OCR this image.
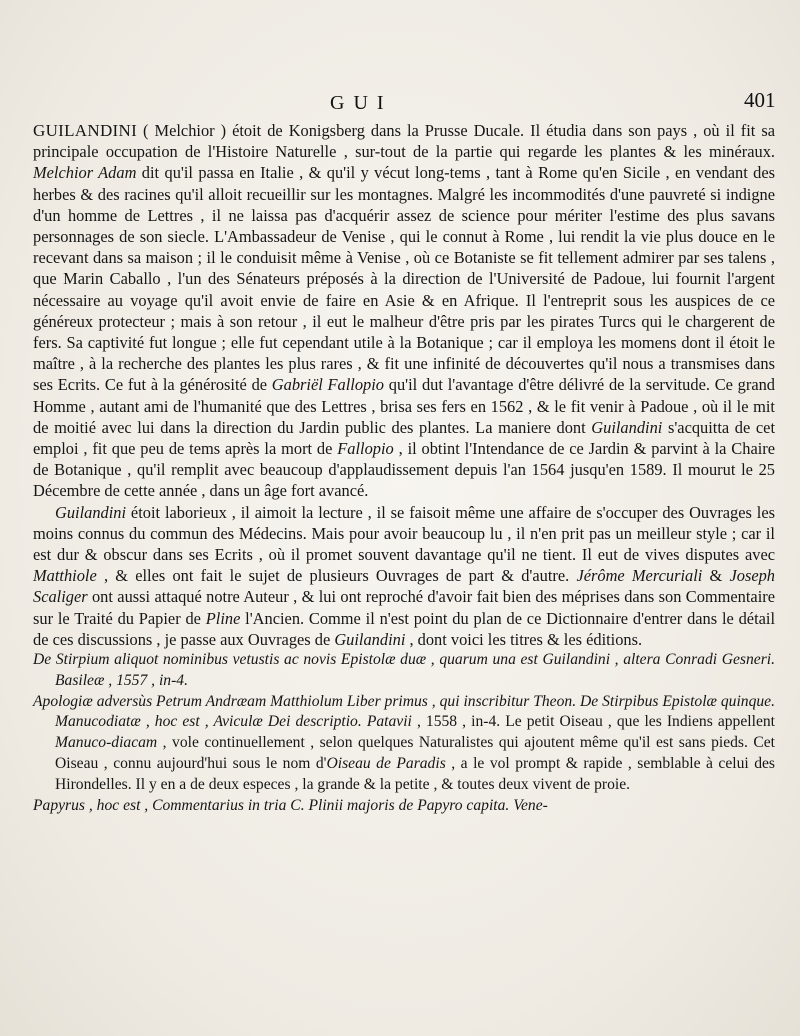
GUI	401

GUILANDINI ( Melchior ) étoit de Konigsberg dans la Prusse Ducale. Il étudia dans son pays , où il fit sa principale occupation de l'Histoire Naturelle , sur-tout de la partie qui regarde les plantes & les minéraux. Melchior Adam dit qu'il passa en Italie , & qu'il y vécut long-tems , tant à Rome qu'en Sicile , en vendant des herbes & des racines qu'il alloit recueillir sur les montagnes. Malgré les incommodités d'une pauvreté si indigne d'un homme de Lettres , il ne laissa pas d'acquérir assez de science pour mériter l'estime des plus savans personnages de son siecle. L'Ambassadeur de Venise , qui le connut à Rome , lui rendit la vie plus douce en le recevant dans sa maison ; il le conduisit même à Venise , où ce Botaniste se fit tellement admirer par ses talens , que Marin Caballo , l'un des Sénateurs préposés à la direction de l'Université de Padoue, lui fournit l'argent nécessaire au voyage qu'il avoit envie de faire en Asie & en Afrique. Il l'entreprit sous les auspices de ce généreux protecteur ; mais à son retour , il eut le malheur d'être pris par les pirates Turcs qui le chargerent de fers. Sa captivité fut longue ; elle fut cependant utile à la Botanique ; car il employa les momens dont il étoit le maître , à la recherche des plantes les plus rares , & fit une infinité de découvertes qu'il nous a transmises dans ses Ecrits. Ce fut à la générosité de Gabriël Fallopio qu'il dut l'avantage d'être délivré de la servitude. Ce grand Homme , autant ami de l'humanité que des Lettres , brisa ses fers en 1562 , & le fit venir à Padoue , où il le mit de moitié avec lui dans la direction du Jardin public des plantes. La maniere dont Guilandini s'acquitta de cet emploi , fit que peu de tems après la mort de Fallopio , il obtint l'Intendance de ce Jardin & parvint à la Chaire de Botanique , qu'il remplit avec beaucoup d'applaudissement depuis l'an 1564 jusqu'en 1589. Il mourut le 25 Décembre de cette année , dans un âge fort avancé.

Guilandini étoit laborieux , il aimoit la lecture , il se faisoit même une affaire de s'occuper des Ouvrages les moins connus du commun des Médecins. Mais pour avoir beaucoup lu , il n'en prit pas un meilleur style ; car il est dur & obscur dans ses Ecrits , où il promet souvent davantage qu'il ne tient. Il eut de vives disputes avec Matthiole , & elles ont fait le sujet de plusieurs Ouvrages de part & d'autre. Jérôme Mercuriali & Joseph Scaliger ont aussi attaqué notre Auteur , & lui ont reproché d'avoir fait bien des méprises dans son Commentaire sur le Traité du Papier de Pline l'Ancien. Comme il n'est point du plan de ce Dictionnaire d'entrer dans le détail de ces discussions , je passe aux Ouvrages de Guilandini , dont voici les titres & les éditions.

De Stirpium aliquot nominibus vetustis ac novis Epistolæ duæ , quarum una est Guilandini , altera Conradi Gesneri. Basileæ , 1557 , in-4.

Apologiæ adversùs Petrum Andræam Matthiolum Liber primus , qui inscribitur Theon. De Stirpibus Epistolæ quinque. Manucodiatæ , hoc est , Aviculæ Dei descriptio. Patavii , 1558 , in-4. Le petit Oiseau , que les Indiens appellent Manuco-diacam , vole continuellement , selon quelques Naturalistes qui ajoutent même qu'il est sans pieds. Cet Oiseau , connu aujourd'hui sous le nom d'Oiseau de Paradis , a le vol prompt & rapide , semblable à celui des Hirondelles. Il y en a de deux especes , la grande & la petite , & toutes deux vivent de proie.

Papyrus , hoc est , Commentarius in tria C. Plinii majoris de Papyro capita. Vene-
